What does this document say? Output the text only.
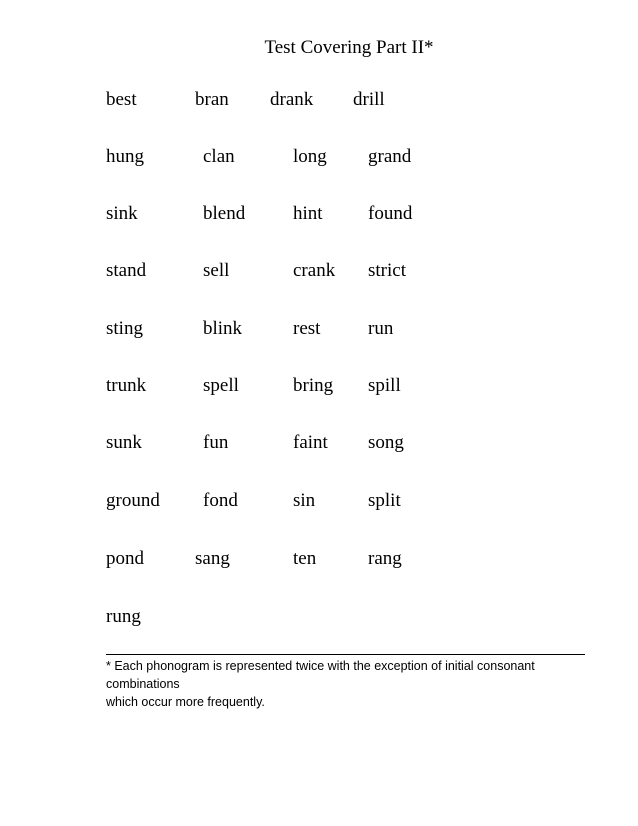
Test Covering Part II*
best	bran drank drill
hung	clan	long grand
sink	blend	hint found
stand	sell	crank strict
sting	blink	rest	run
trunk	spell	bring spill
sunk	fun	faint song
ground fond	sin	split
pond	sang	ten	rang
rung
* Each phonogram is represented twice with the exception of initial consonant combinations
which occur more frequently.
